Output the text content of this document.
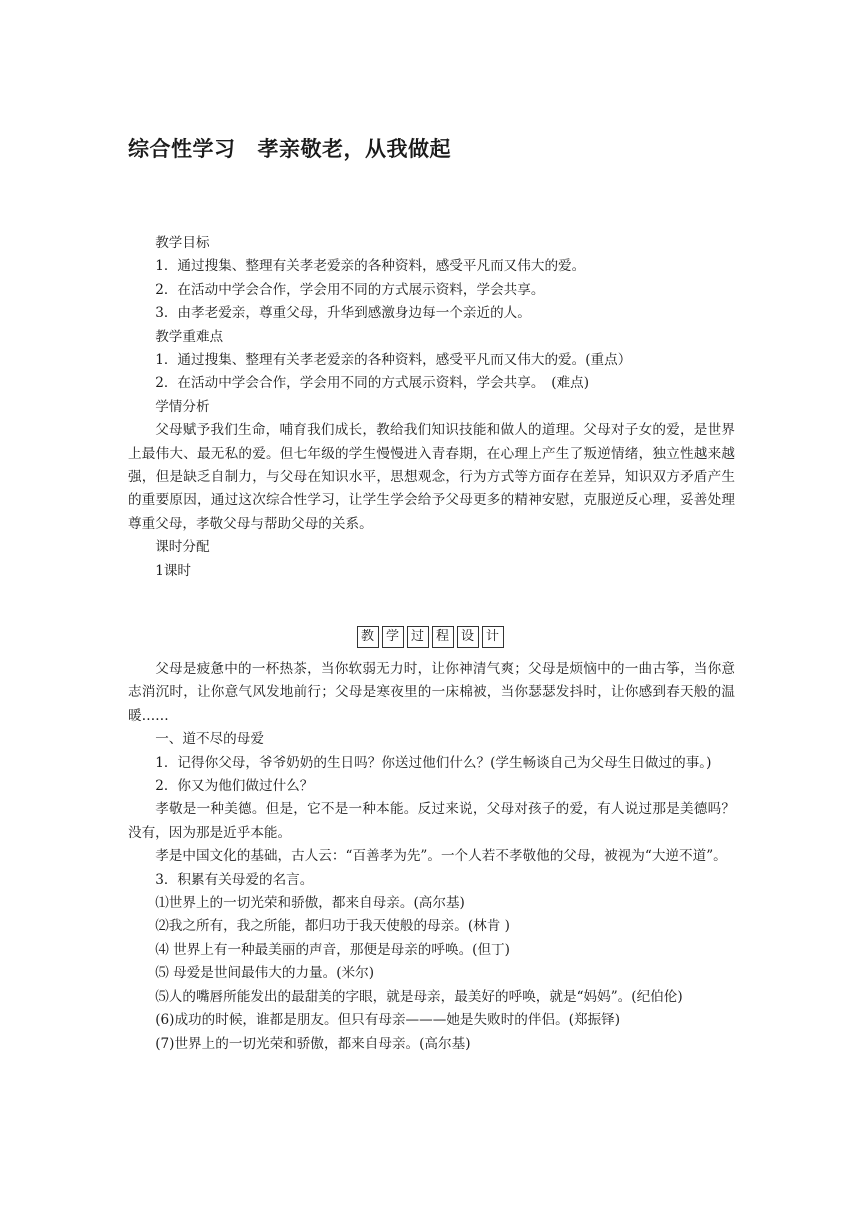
综合性学习 孝亲敬老，从我做起

教学目标

1．通过搜集、整理有关孝老爱亲的各种资料，感受平凡而又伟大的爱。

2．在活动中学会合作，学会用不同的方式展示资料，学会共享。

3．由孝老爱亲，尊重父母，升华到感激身边每一个亲近的人。

教学重难点

1．通过搜集、整理有关孝老爱亲的各种资料，感受平凡而又伟大的爱。(重点）

2．在活动中学会合作，学会用不同的方式展示资料，学会共享。　(难点)

学情分析

父母赋予我们生命，哺育我们成长，教给我们知识技能和做人的道理。父母对子女的爱，是世界上最伟大、最无私的爱。但七年级的学生慢慢进入青春期，在心理上产生了叛逆情绪，独立性越来越强，但是缺乏自制力，与父母在知识水平，思想观念，行为方式等方面存在差异，知识双方矛盾产生的重要原因，通过这次综合性学习，让学生学会给予父母更多的精神安慰，克服逆反心理，妥善处理尊重父母，孝敬父母与帮助父母的关系。

课时分配

1课时

教 学 过 程 设 计

父母是疲惫中的一杯热茶，当你软弱无力时，让你神清气爽；父母是烦恼中的一曲古筝，当你意志消沉时，让你意气风发地前行；父母是寒夜里的一床棉被，当你瑟瑟发抖时，让你感到春天般的温暖……

一、道不尽的母爱

1．记得你父母，爷爷奶奶的生日吗？你送过他们什么？(学生畅谈自己为父母生日做过的事。)

2．你又为他们做过什么？

孝敬是一种美德。但是，它不是一种本能。反过来说，父母对孩子的爱，有人说过那是美德吗？没有，因为那是近乎本能。

孝是中国文化的基础，古人云：“百善孝为先”。一个人若不孝敬他的父母，被视为“大逆不道”。

3．积累有关母爱的名言。

⑴世界上的一切光荣和骄傲，都来自母亲。(高尔基)

⑵我之所有，我之所能，都归功于我天使般的母亲。(林肯 )

⑷ 世界上有一种最美丽的声音，那便是母亲的呼唤。(但丁)

⑸ 母爱是世间最伟大的力量。(米尔)

⑸人的嘴唇所能发出的最甜美的字眼，就是母亲，最美好的呼唤，就是“妈妈”。(纪伯伦)

(6)成功的时候，谁都是朋友。但只有母亲———她是失败时的伴侣。(郑振铎)

(7)世界上的一切光荣和骄傲，都来自母亲。(高尔基)
